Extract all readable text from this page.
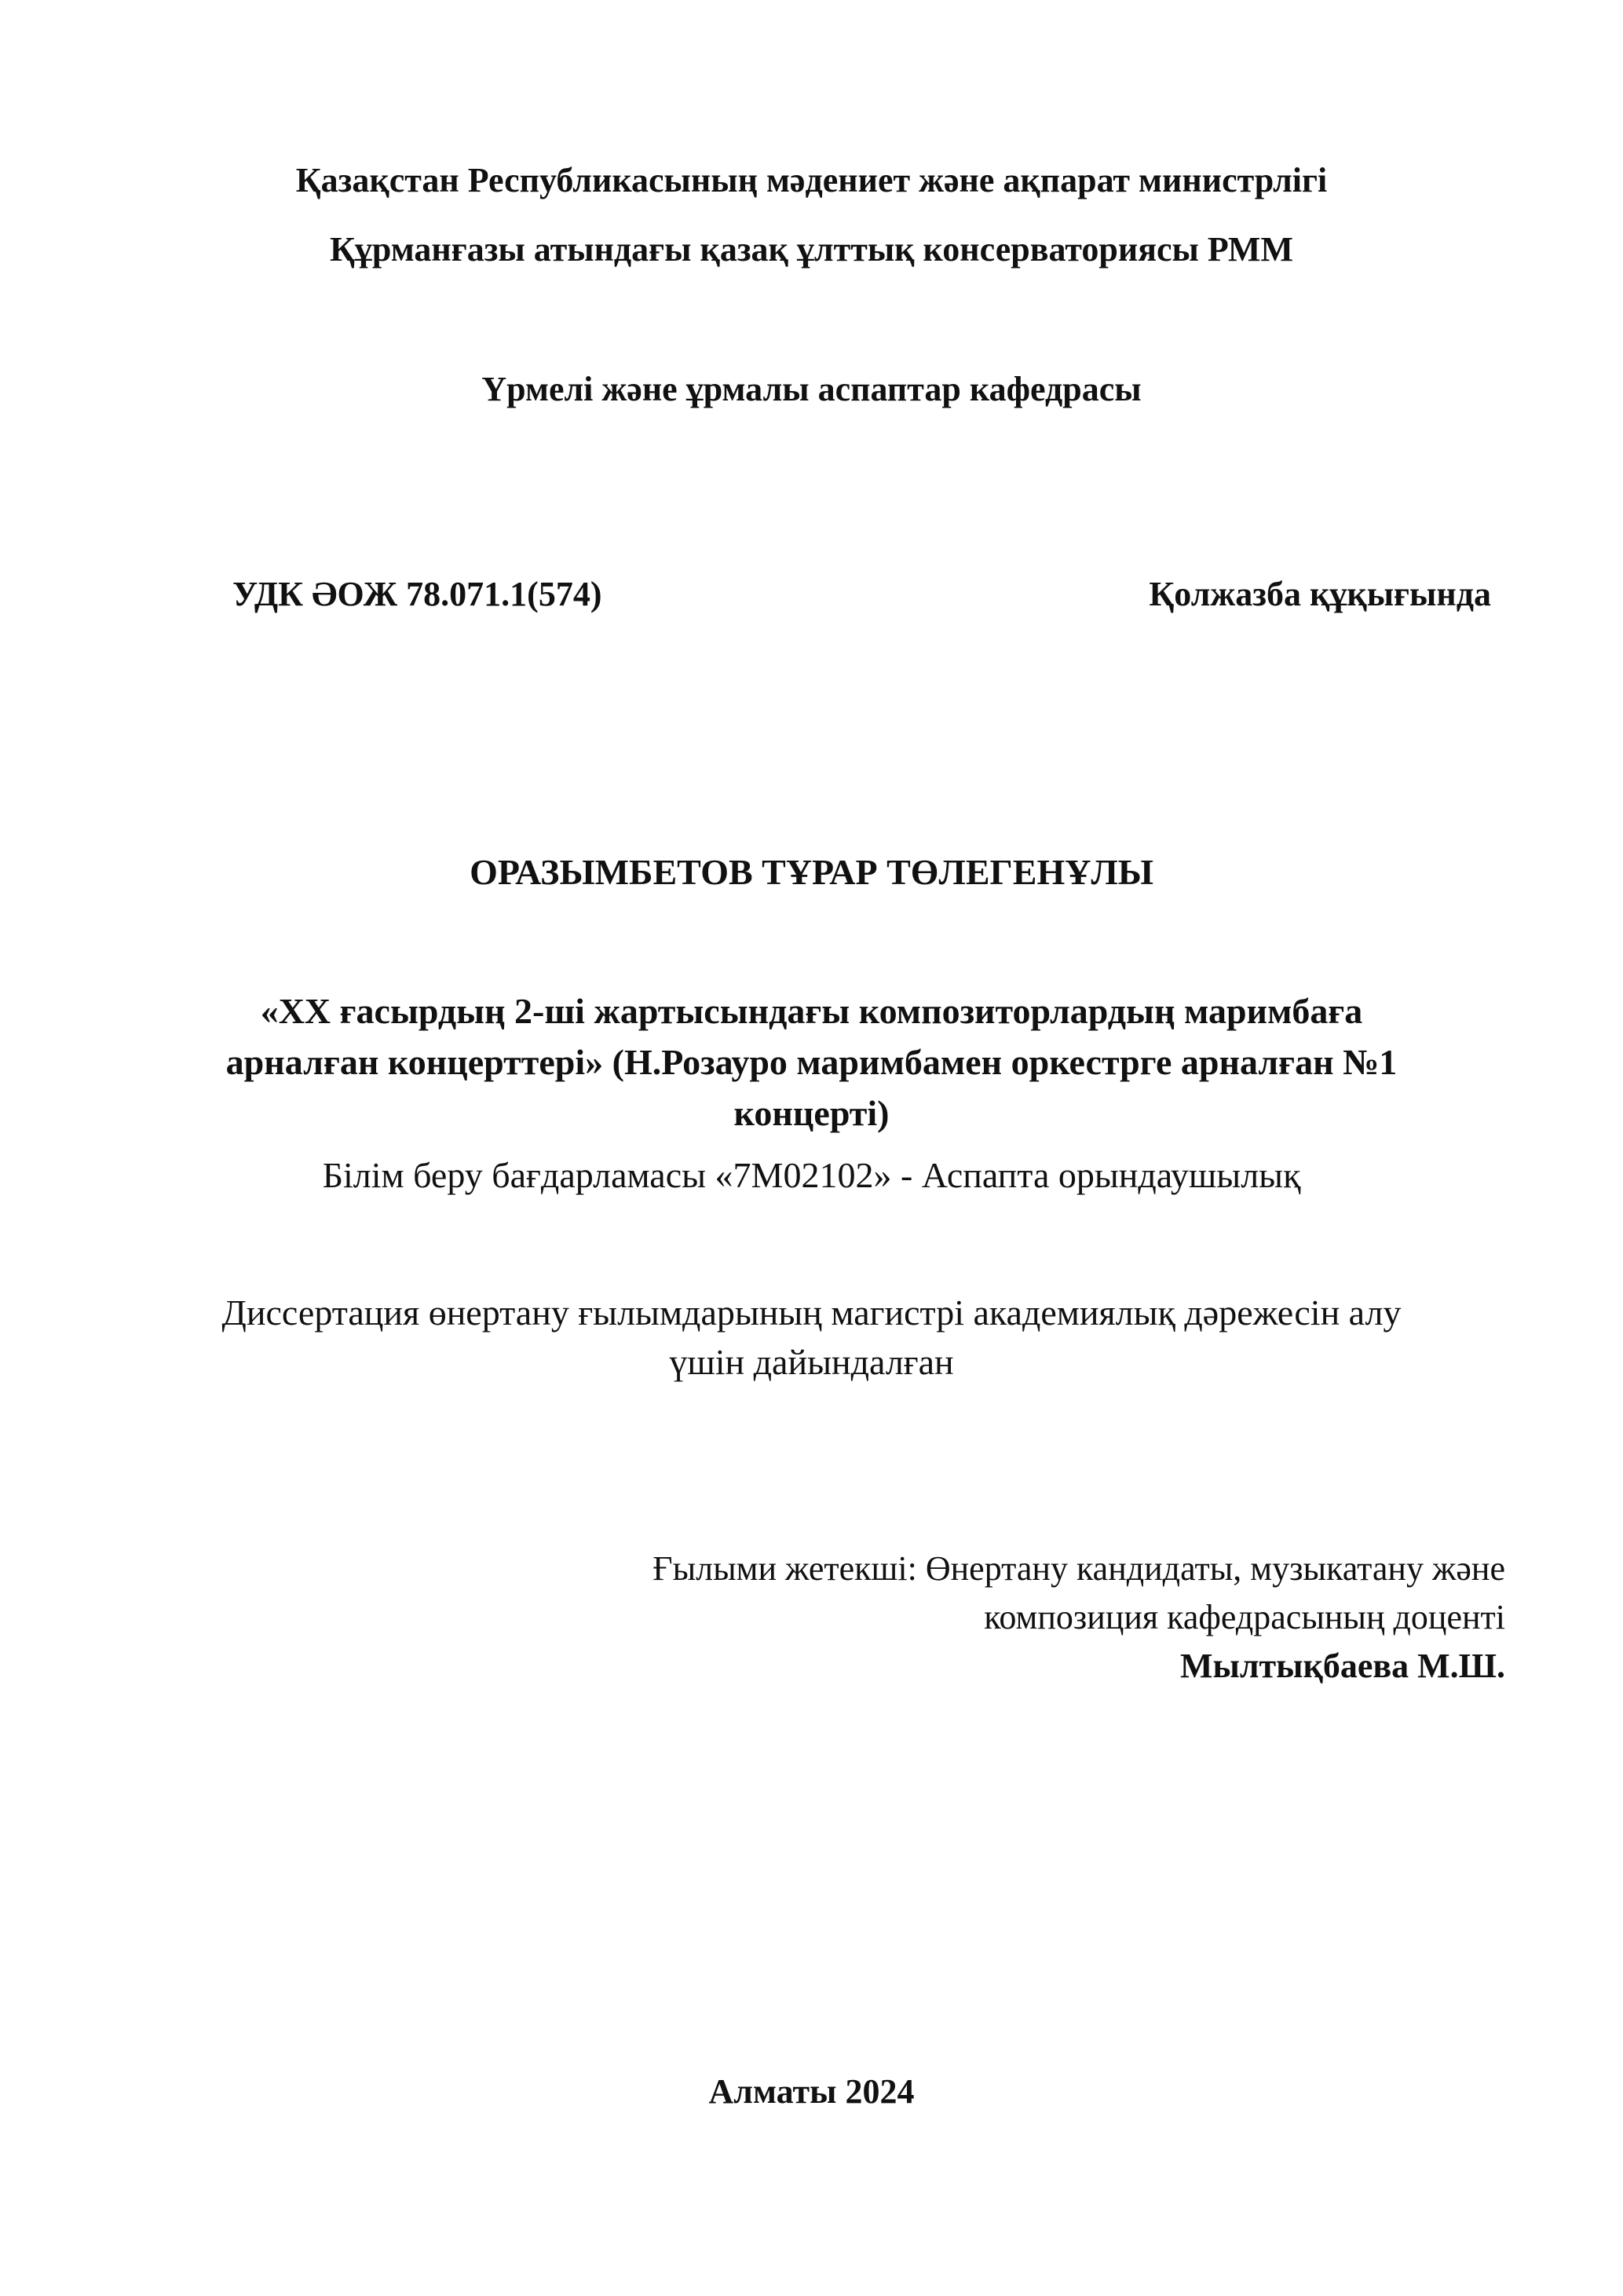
Қазақстан Республикасының мәдениет және ақпарат министрлігі
Құрманғазы атындағы қазақ ұлттық консерваториясы РММ
Үрмелі және ұрмалы аспаптар кафедрасы
УДК ӘОЖ 78.071.1(574)	Қолжазба құқығында
ОРАЗЫМБЕТОВ ТҰРАР ТӨЛЕГЕНҰЛЫ
«XX ғасырдың 2-ші жартысындағы композиторлардың маримбаға
арналған концерттері» (Н.Розауро маримбамен оркестрге арналған №1
концерті)
Білім беру бағдарламасы «7M02102» - Аспапта орындаушылық
Диссертация өнертану ғылымдарының магистрі академиялық дәрежесін алу
үшін дайындалған
Ғылыми жетекші: Өнертану кандидаты, музыкатану және
композиция кафедрасының доценті
Мылтықбаева М.Ш.
Алматы 2024
